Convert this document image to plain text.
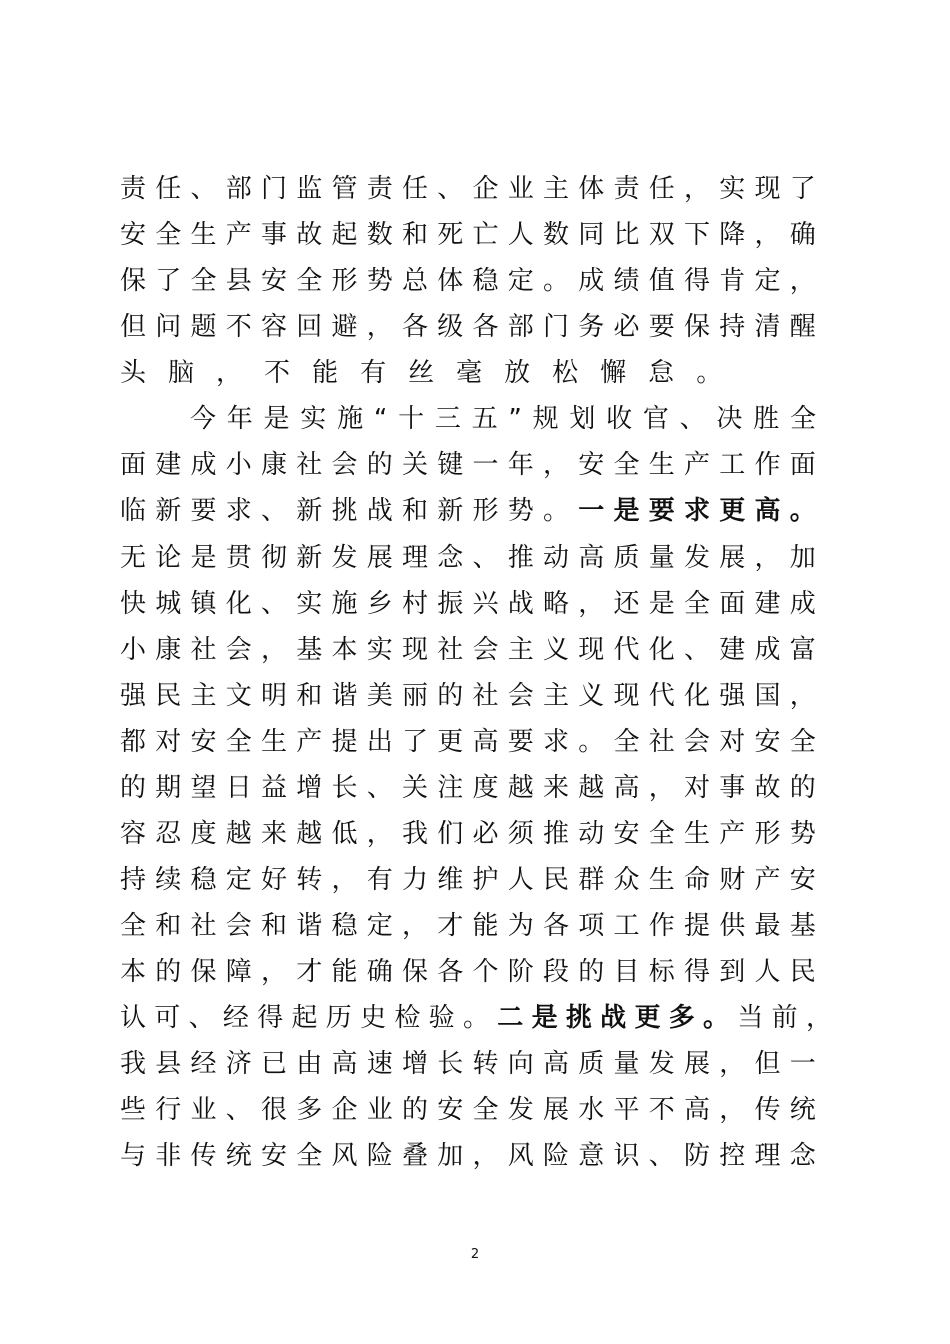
责 任 、 部 门 监 管 责 任 、 企 业 主 体 责 任 ， 实 现 了
安 全 生 产 事 故 起 数 和 死 亡 人 数 同 比 双 下 降 ， 确
保 了 全 县 安 全 形 势 总 体 稳 定 。 成 绩 值 得 肯 定 ，
但 问 题 不 容 回 避 ， 各 级 各 部 门 务 必 要 保 持 清 醒
头 脑 ， 不 能 有 丝 毫 放 松 懈 怠 。
今 年 是 实 施 “ 十 三 五 ” 规 划 收 官 、 决 胜 全
面 建 成 小 康 社 会 的 关 键 一 年 ， 安 全 生 产 工 作 面
临 新 要 求 、 新 挑 战 和 新 形 势 。 一 是 要 求 更 高 。
无 论 是 贯 彻 新 发 展 理 念 、 推 动 高 质 量 发 展 ， 加
快 城 镇 化 、 实 施 乡 村 振 兴 战 略 ， 还 是 全 面 建 成
小 康 社 会 ， 基 本 实 现 社 会 主 义 现 代 化 、 建 成 富
强 民 主 文 明 和 谐 美 丽 的 社 会 主 义 现 代 化 强 国 ，
都 对 安 全 生 产 提 出 了 更 高 要 求 。 全 社 会 对 安 全
的 期 望 日 益 增 长 、 关 注 度 越 来 越 高 ， 对 事 故 的
容 忍 度 越 来 越 低 ， 我 们 必 须 推 动 安 全 生 产 形 势
持 续 稳 定 好 转 ， 有 力 维 护 人 民 群 众 生 命 财 产 安
全 和 社 会 和 谐 稳 定 ， 才 能 为 各 项 工 作 提 供 最 基
本 的 保 障 ， 才 能 确 保 各 个 阶 段 的 目 标 得 到 人 民
认 可 、 经 得 起 历 史 检 验 。 二 是 挑 战 更 多 。 当 前 ，
我 县 经 济 已 由 高 速 增 长 转 向 高 质 量 发 展 ， 但 一
些 行 业 、 很 多 企 业 的 安 全 发 展 水 平 不 高 ， 传 统
与 非 传 统 安 全 风 险 叠 加 ， 风 险 意 识 、 防 控 理 念
2
